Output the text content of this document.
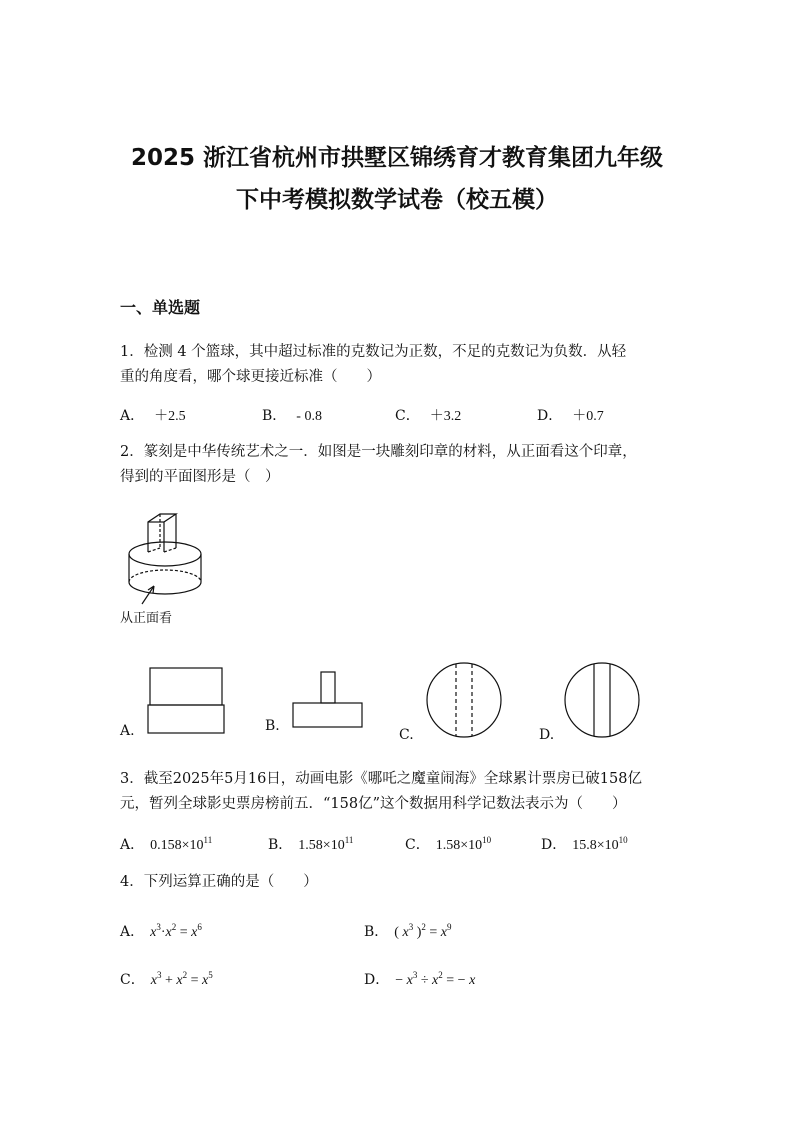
2025 浙江省杭州市拱墅区锦绣育才教育集团九年级
下中考模拟数学试卷（校五模）
一、单选题
1．检测 4 个篮球，其中超过标准的克数记为正数，不足的克数记为负数．从轻
重的角度看，哪个球更接近标准（　　）
A． ＋2.5	B． - 0.8	C． ＋3.2	D． ＋0.7
2．篆刻是中华传统艺术之一．如图是一块雕刻印章的材料，从正面看这个印章，
得到的平面图形是（　）
从正面看
A.	B.
C.	D.
3．截至2025年5月16日，动画电影《哪吒之魔童闹海》全球累计票房已破158亿
元，暂列全球影史票房榜前五．“158亿”这个数据用科学记数法表示为（　　）
A． $0.158\times 10^{11}$	B． $1.58\times 10^{11}$	C． $1.58\times 10^{10}$	D． $15.8\times 10^{10}$
4．下列运算正确的是（　　）
A． $x^3\cdot x^2 = x^6$	B． ( $x^3$ )$^2 = x^9$
C． $x^3 + x^2 = x^5$	D． − $x^3 \div x^2$ = − x
